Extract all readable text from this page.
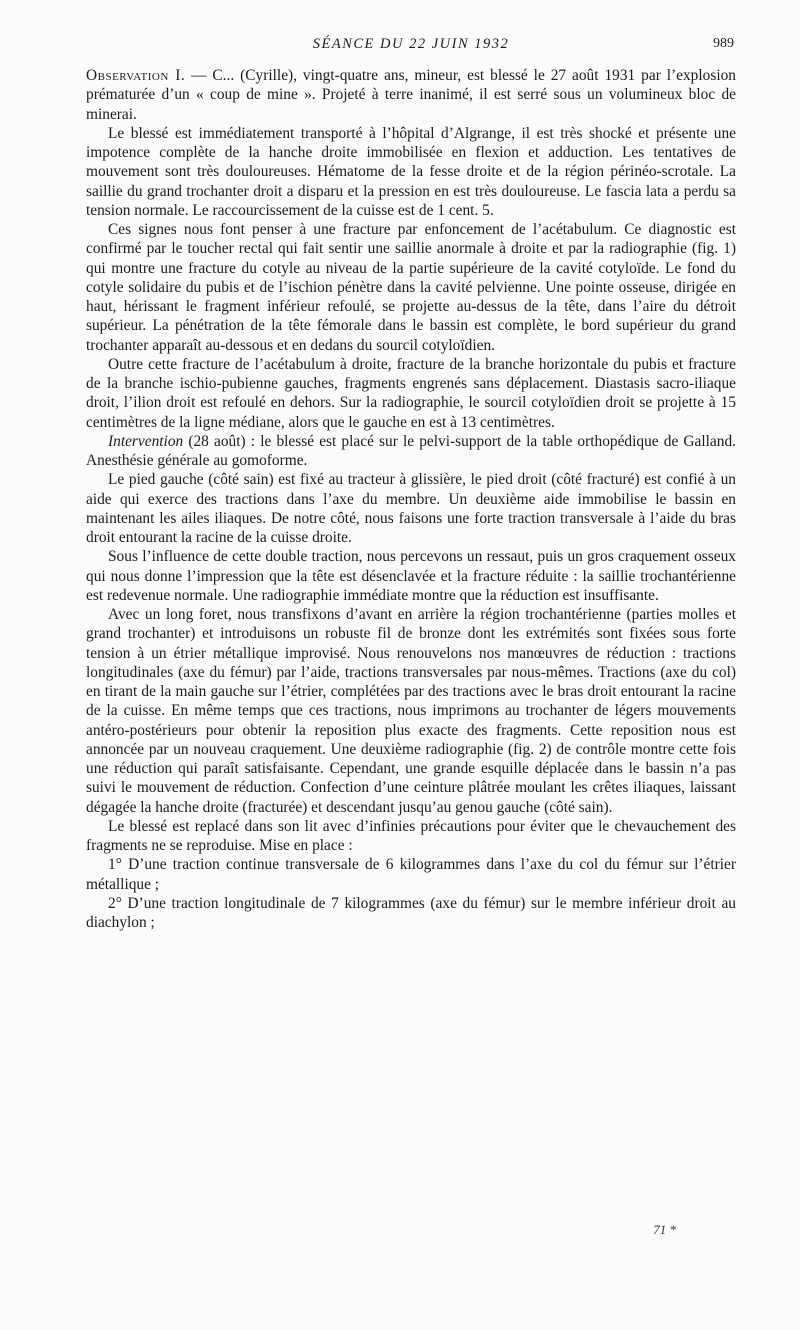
SÉANCE DU 22 JUIN 1932	989

Observation I. — C... (Cyrille), vingt-quatre ans, mineur, est blessé le 27 août 1931 par l’explosion prématurée d’un « coup de mine ». Projeté à terre inanimé, il est serré sous un volumineux bloc de minerai.

Le blessé est immédiatement transporté à l’hôpital d’Algrange, il est très shocké et présente une impotence complète de la hanche droite immobilisée en flexion et adduction. Les tentatives de mouvement sont très douloureuses. Hématome de la fesse droite et de la région périnéo-scrotale. La saillie du grand trochanter droit a disparu et la pression en est très douloureuse. Le fascia lata a perdu sa tension normale. Le raccourcissement de la cuisse est de 1 cent. 5.

Ces signes nous font penser à une fracture par enfoncement de l’acétabulum. Ce diagnostic est confirmé par le toucher rectal qui fait sentir une saillie anormale à droite et par la radiographie (fig. 1) qui montre une fracture du cotyle au niveau de la partie supérieure de la cavité cotyloïde. Le fond du cotyle solidaire du pubis et de l’ischion pénètre dans la cavité pelvienne. Une pointe osseuse, dirigée en haut, hérissant le fragment inférieur refoulé, se projette au-dessus de la tête, dans l’aire du détroit supérieur. La pénétration de la tête fémorale dans le bassin est complète, le bord supérieur du grand trochanter apparaît au-dessous et en dedans du sourcil cotyloïdien.

Outre cette fracture de l’acétabulum à droite, fracture de la branche horizontale du pubis et fracture de la branche ischio-pubienne gauches, fragments engrenés sans déplacement. Diastasis sacro-iliaque droit, l’ilion droit est refoulé en dehors. Sur la radiographie, le sourcil cotyloïdien droit se projette à 15 centimètres de la ligne médiane, alors que le gauche en est à 13 centimètres.

Intervention (28 août) : le blessé est placé sur le pelvi-support de la table orthopédique de Galland. Anesthésie générale au gomoforme.

Le pied gauche (côté sain) est fixé au tracteur à glissière, le pied droit (côté fracturé) est confié à un aide qui exerce des tractions dans l’axe du membre. Un deuxième aide immobilise le bassin en maintenant les ailes iliaques. De notre côté, nous faisons une forte traction transversale à l’aide du bras droit entourant la racine de la cuisse droite.

Sous l’influence de cette double traction, nous percevons un ressaut, puis un gros craquement osseux qui nous donne l’impression que la tête est désenclavée et la fracture réduite : la saillie trochantérienne est redevenue normale. Une radiographie immédiate montre que la réduction est insuffisante.

Avec un long foret, nous transfixons d’avant en arrière la région trochantérienne (parties molles et grand trochanter) et introduisons un robuste fil de bronze dont les extrémités sont fixées sous forte tension à un étrier métallique improvisé. Nous renouvelons nos manœuvres de réduction : tractions longitudinales (axe du fémur) par l’aide, tractions transversales par nous-mêmes. Tractions (axe du col) en tirant de la main gauche sur l’étrier, complétées par des tractions avec le bras droit entourant la racine de la cuisse. En même temps que ces tractions, nous imprimons au trochanter de légers mouvements antéro-postérieurs pour obtenir la reposition plus exacte des fragments. Cette reposition nous est annoncée par un nouveau craquement. Une deuxième radiographie (fig. 2) de contrôle montre cette fois une réduction qui paraît satisfaisante. Cependant, une grande esquille déplacée dans le bassin n’a pas suivi le mouvement de réduction. Confection d’une ceinture plâtrée moulant les crêtes iliaques, laissant dégagée la hanche droite (fracturée) et descendant jusqu’au genou gauche (côté sain).

Le blessé est replacé dans son lit avec d’infinies précautions pour éviter que le chevauchement des fragments ne se reproduise. Mise en place :

1° D’une traction continue transversale de 6 kilogrammes dans l’axe du col du fémur sur l’étrier métallique ;

2° D’une traction longitudinale de 7 kilogrammes (axe du fémur) sur le membre inférieur droit au diachylon ;

71 *
